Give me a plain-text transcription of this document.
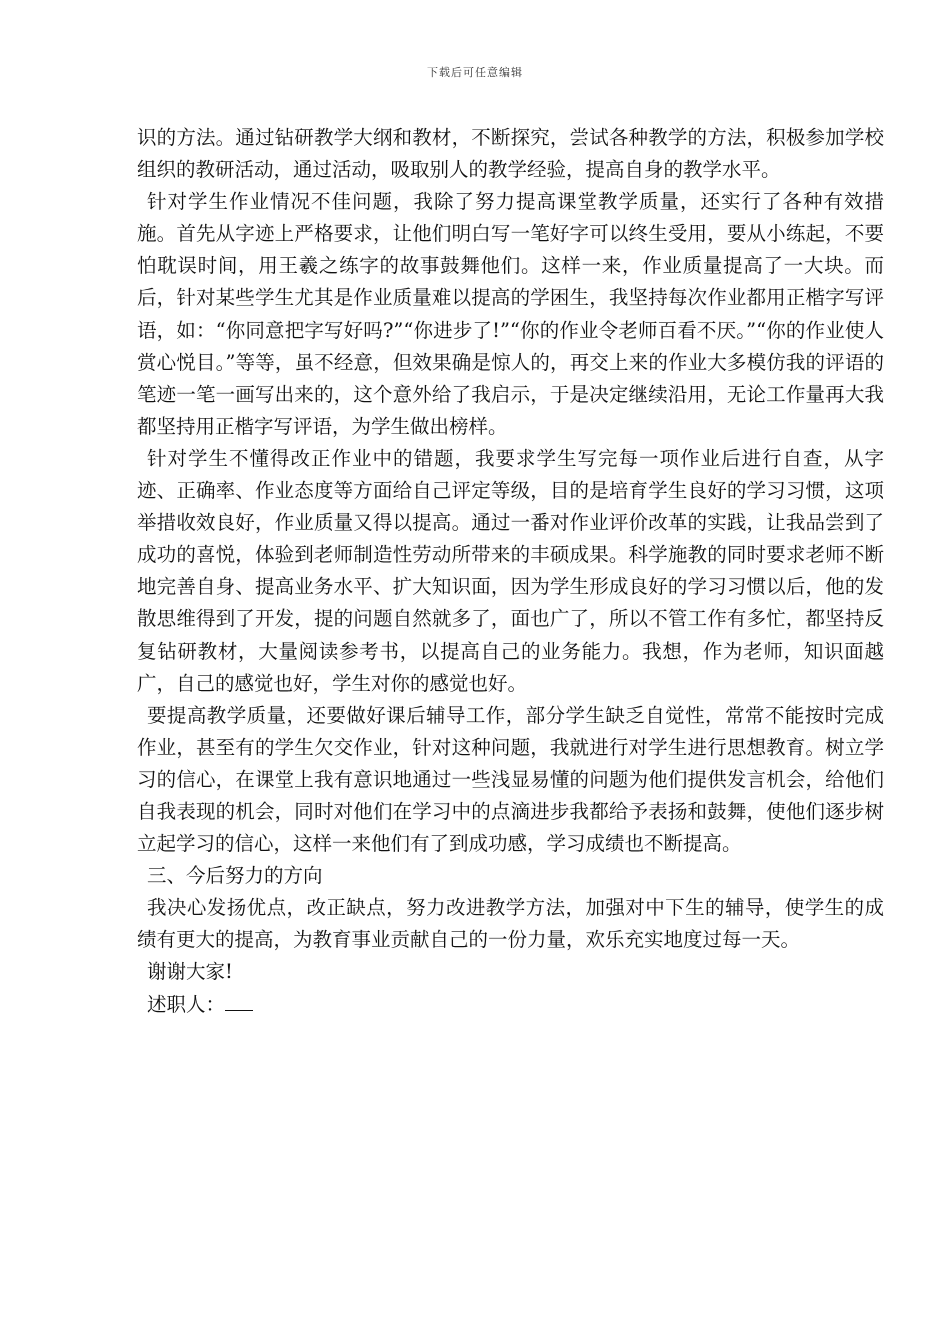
下载后可任意编辑

识的方法。通过钻研教学大纲和教材，不断探究，尝试各种教学的方法，积极参加学校组织的教研活动，通过活动，吸取别人的教学经验，提高自身的教学水平。

针对学生作业情况不佳问题，我除了努力提高课堂教学质量，还实行了各种有效措施。首先从字迹上严格要求，让他们明白写一笔好字可以终生受用，要从小练起，不要怕耽误时间，用王羲之练字的故事鼓舞他们。这样一来，作业质量提高了一大块。而后，针对某些学生尤其是作业质量难以提高的学困生，我坚持每次作业都用正楷字写评语，如：“你同意把字写好吗?”“你进步了!”“你的作业令老师百看不厌。”“你的作业使人赏心悦目。”等等，虽不经意，但效果确是惊人的，再交上来的作业大多模仿我的评语的笔迹一笔一画写出来的，这个意外给了我启示，于是决定继续沿用，无论工作量再大我都坚持用正楷字写评语，为学生做出榜样。

针对学生不懂得改正作业中的错题，我要求学生写完每一项作业后进行自查，从字迹、正确率、作业态度等方面给自己评定等级，目的是培育学生良好的学习习惯，这项举措收效良好，作业质量又得以提高。通过一番对作业评价改革的实践，让我品尝到了成功的喜悦，体验到老师制造性劳动所带来的丰硕成果。科学施教的同时要求老师不断地完善自身、提高业务水平、扩大知识面，因为学生形成良好的学习习惯以后，他的发散思维得到了开发，提的问题自然就多了，面也广了，所以不管工作有多忙，都坚持反复钻研教材，大量阅读参考书，以提高自己的业务能力。我想，作为老师，知识面越广，自己的感觉也好，学生对你的感觉也好。

要提高教学质量，还要做好课后辅导工作，部分学生缺乏自觉性，常常不能按时完成作业，甚至有的学生欠交作业，针对这种问题，我就进行对学生进行思想教育。树立学习的信心，在课堂上我有意识地通过一些浅显易懂的问题为他们提供发言机会，给他们自我表现的机会，同时对他们在学习中的点滴进步我都给予表扬和鼓舞，使他们逐步树立起学习的信心，这样一来他们有了到成功感，学习成绩也不断提高。

三、今后努力的方向

我决心发扬优点，改正缺点，努力改进教学方法，加强对中下生的辅导，使学生的成绩有更大的提高，为教育事业贡献自己的一份力量，欢乐充实地度过每一天。

谢谢大家!

述职人：
